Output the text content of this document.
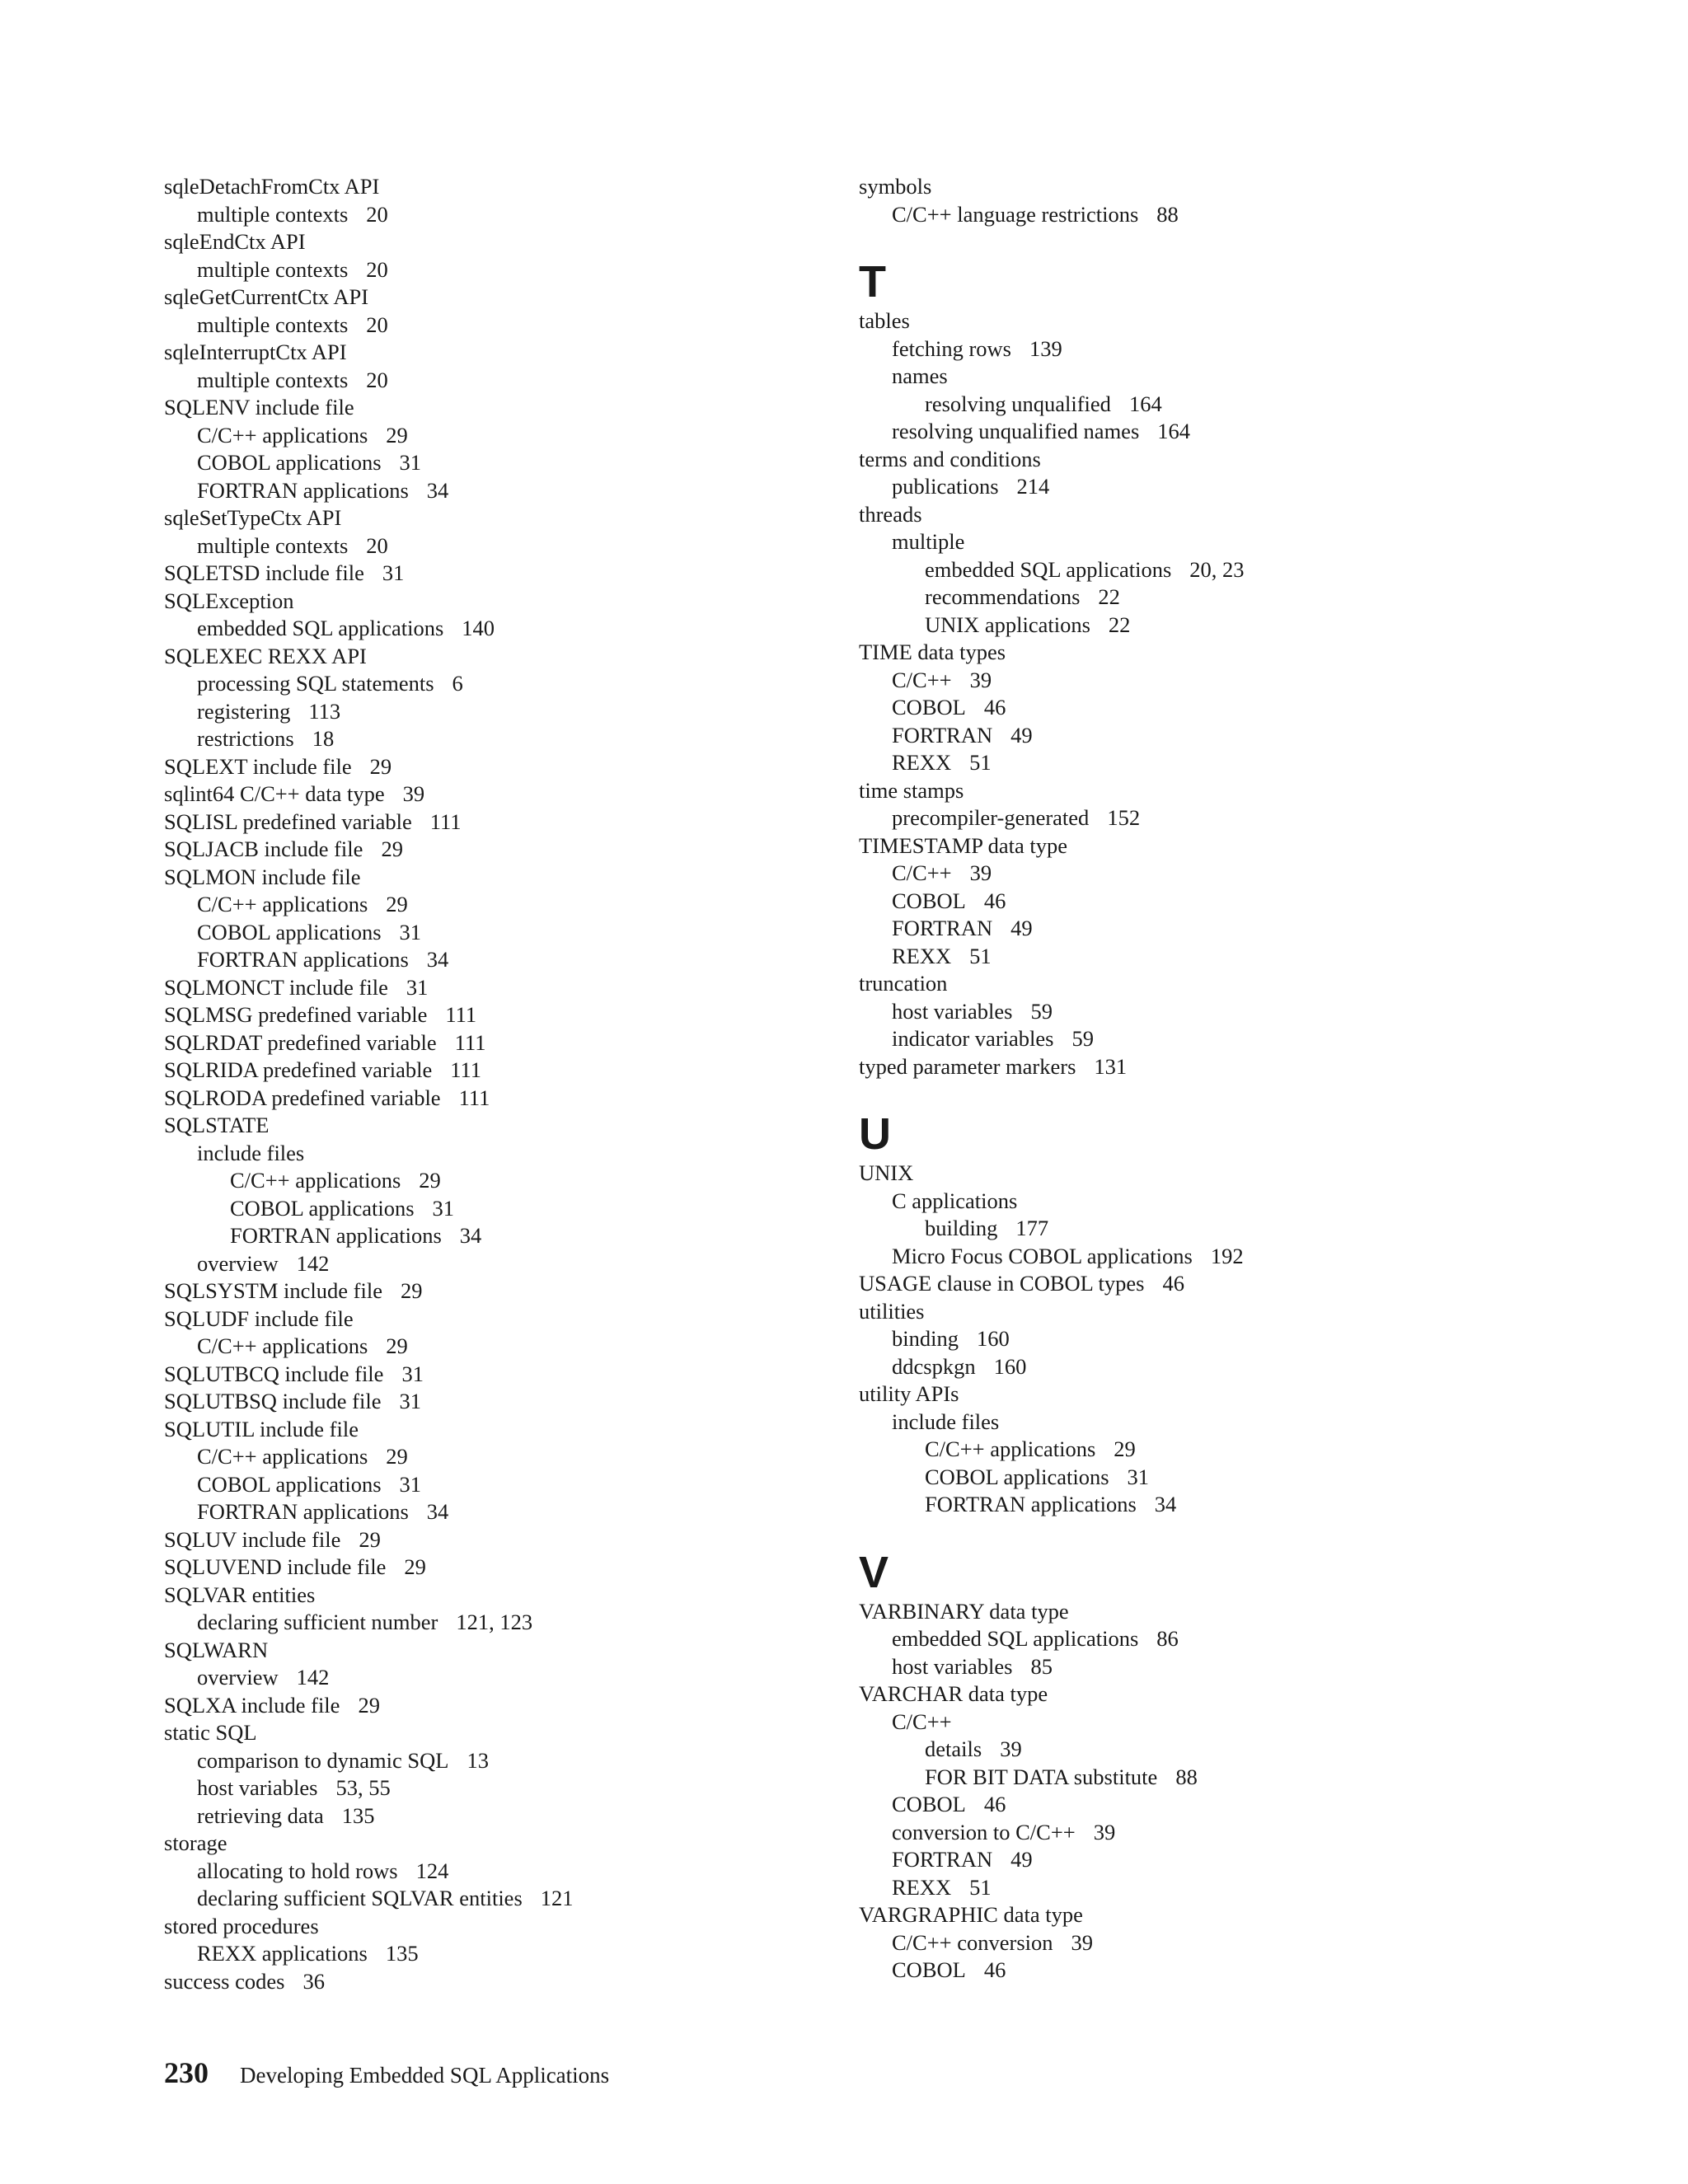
sqleDetachFromCtx API
multiple contexts 20
sqleEndCtx API
multiple contexts 20
sqleGetCurrentCtx API
multiple contexts 20
sqleInterruptCtx API
multiple contexts 20
SQLENV include file
C/C++ applications 29
COBOL applications 31
FORTRAN applications 34
sqleSetTypeCtx API
multiple contexts 20
SQLETSD include file 31
SQLException
embedded SQL applications 140
SQLEXEC REXX API
processing SQL statements 6
registering 113
restrictions 18
SQLEXT include file 29
sqlint64 C/C++ data type 39
SQLISL predefined variable 111
SQLJACB include file 29
SQLMON include file
C/C++ applications 29
COBOL applications 31
FORTRAN applications 34
SQLMONCT include file 31
SQLMSG predefined variable 111
SQLRDAT predefined variable 111
SQLRIDA predefined variable 111
SQLRODA predefined variable 111
SQLSTATE
include files
C/C++ applications 29
COBOL applications 31
FORTRAN applications 34
overview 142
SQLSYSTM include file 29
SQLUDF include file
C/C++ applications 29
SQLUTBCQ include file 31
SQLUTBSQ include file 31
SQLUTIL include file
C/C++ applications 29
COBOL applications 31
FORTRAN applications 34
SQLUV include file 29
SQLUVEND include file 29
SQLVAR entities
declaring sufficient number 121, 123
SQLWARN
overview 142
SQLXA include file 29
static SQL
comparison to dynamic SQL 13
host variables 53, 55
retrieving data 135
storage
allocating to hold rows 124
declaring sufficient SQLVAR entities 121
stored procedures
REXX applications 135
success codes 36
symbols
C/C++ language restrictions 88
T
tables
fetching rows 139
names
resolving unqualified 164
resolving unqualified names 164
terms and conditions
publications 214
threads
multiple
embedded SQL applications 20, 23
recommendations 22
UNIX applications 22
TIME data types
C/C++ 39
COBOL 46
FORTRAN 49
REXX 51
time stamps
precompiler-generated 152
TIMESTAMP data type
C/C++ 39
COBOL 46
FORTRAN 49
REXX 51
truncation
host variables 59
indicator variables 59
typed parameter markers 131
U
UNIX
C applications
building 177
Micro Focus COBOL applications 192
USAGE clause in COBOL types 46
utilities
binding 160
ddcspkgn 160
utility APIs
include files
C/C++ applications 29
COBOL applications 31
FORTRAN applications 34
V
VARBINARY data type
embedded SQL applications 86
host variables 85
VARCHAR data type
C/C++
details 39
FOR BIT DATA substitute 88
COBOL 46
conversion to C/C++ 39
FORTRAN 49
REXX 51
VARGRAPHIC data type
C/C++ conversion 39
COBOL 46
230 Developing Embedded SQL Applications
